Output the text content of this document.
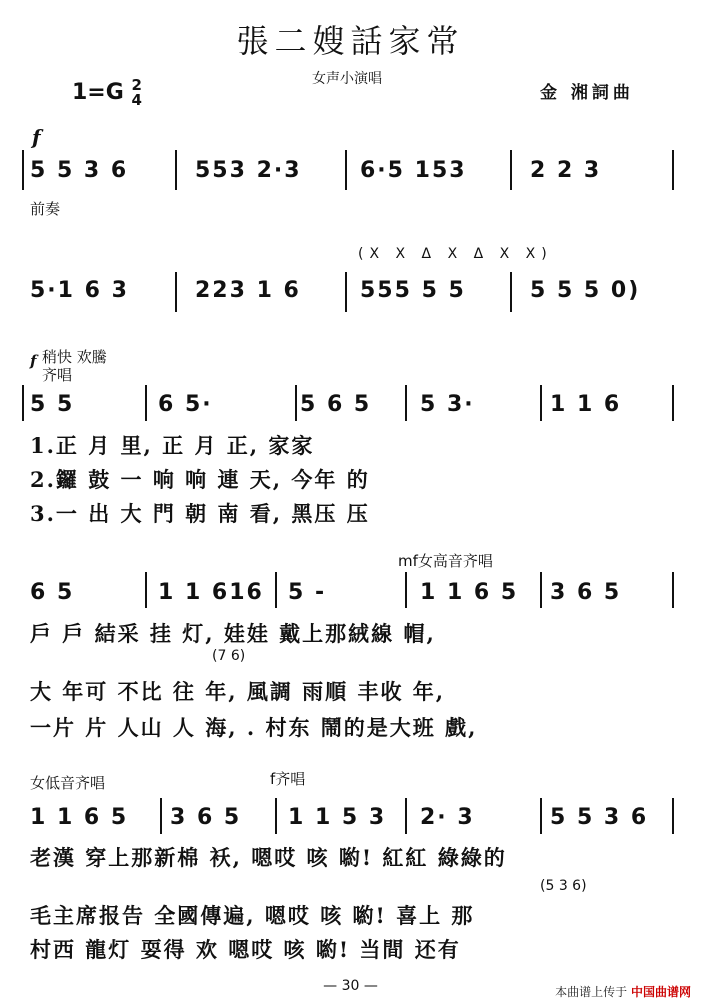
張二嫂話家常
1=G 2
4
女声小演唱
金 湘詞曲
f
5 5 3 6	553 2·3	6·5 153	2 2 3
前奏
(X X Δ X Δ X X)
5·1 6 3	223 1 6	555 5 5	5 5 5 0)
稍快 欢騰
f
齐唱
5 5	6 5·	5 6 5 5 3·	1 1 6
1.正 月 里, 正 月 正, 家家
2.鑼 鼓 一 响 响 連 天, 今年 的
3.一 出 大 門 朝 南 看, 黑压 压
mf女高音齐唱
6 5	1 1 616 5 -	1 1 6 5 3 6 5
戶 戶 結采 挂 灯, 娃娃 戴上那絨線 帽,
(7 6)
大 年可 不比 往 年, 風調 雨順 丰收 年,
一片 片 人山 人 海, . 村东 鬧的是大班 戲,
女低音齐唱	f齐唱
1 1 6 5 3 6 5 1 1 5 3 2· 3	5 5 3 6
老漢 穿上那新棉 袄, 嗯哎 咳 喲! 紅紅 綠綠的
(5 3 6)
毛主席报告 全國傳遍, 嗯哎 咳 喲! 喜上 那
村西 龍灯 耍得 欢 嗯哎 咳 喲! 当間 还有
— 30 —	本曲谱上传于 中国曲谱网
